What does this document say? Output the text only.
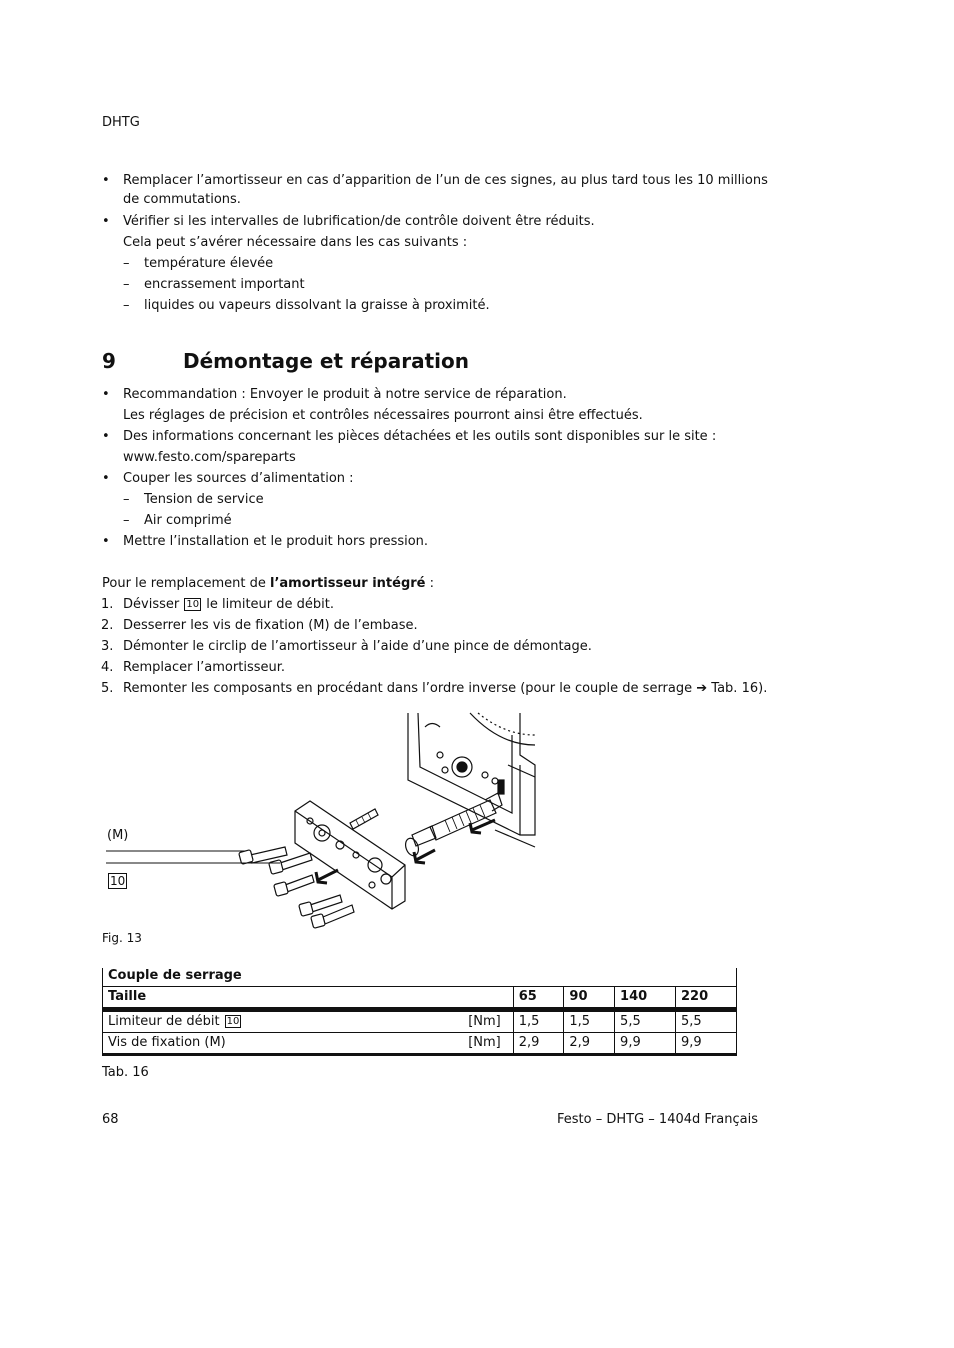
DHTG
• Remplacer l’amortisseur en cas d’apparition de l’un de ces signes, au plus tard tous les 10 millions
de commutations.
• Vérifier si les intervalles de lubrification/de contrôle doivent être réduits.
Cela peut s’avérer nécessaire dans les cas suivants :
– température élevée
– encrassement important
– liquides ou vapeurs dissolvant la graisse à proximité.
9	Démontage et réparation
• Recommandation : Envoyer le produit à notre service de réparation.
Les réglages de précision et contrôles nécessaires pourront ainsi être effectués.
• Des informations concernant les pièces détachées et les outils sont disponibles sur le site :
www.festo.com/spareparts
• Couper les sources d’alimentation :
– Tension de service
– Air comprimé
• Mettre l’installation et le produit hors pression.
Pour le remplacement de l’amortisseur intégré :
1. Dévisser 10 le limiteur de débit.
2. Desserrer les vis de fixation (M) de l’embase.
3. Démonter le circlip de l’amortisseur à l’aide d’une pince de démontage.
4. Remplacer l’amortisseur.
5. Remonter les composants en procédant dans l’ordre inverse (pour le couple de serrage ➔ Tab. 16).
(M)
10
Fig. 13
Couple de serrage					
Taille		65	90	140	220
Limiteur de débit 10	[Nm]	1,5	1,5	5,5	5,5
Vis de fixation (M)	[Nm]	2,9	2,9	9,9	9,9
Tab. 16
68	Festo – DHTG – 1404d Français
